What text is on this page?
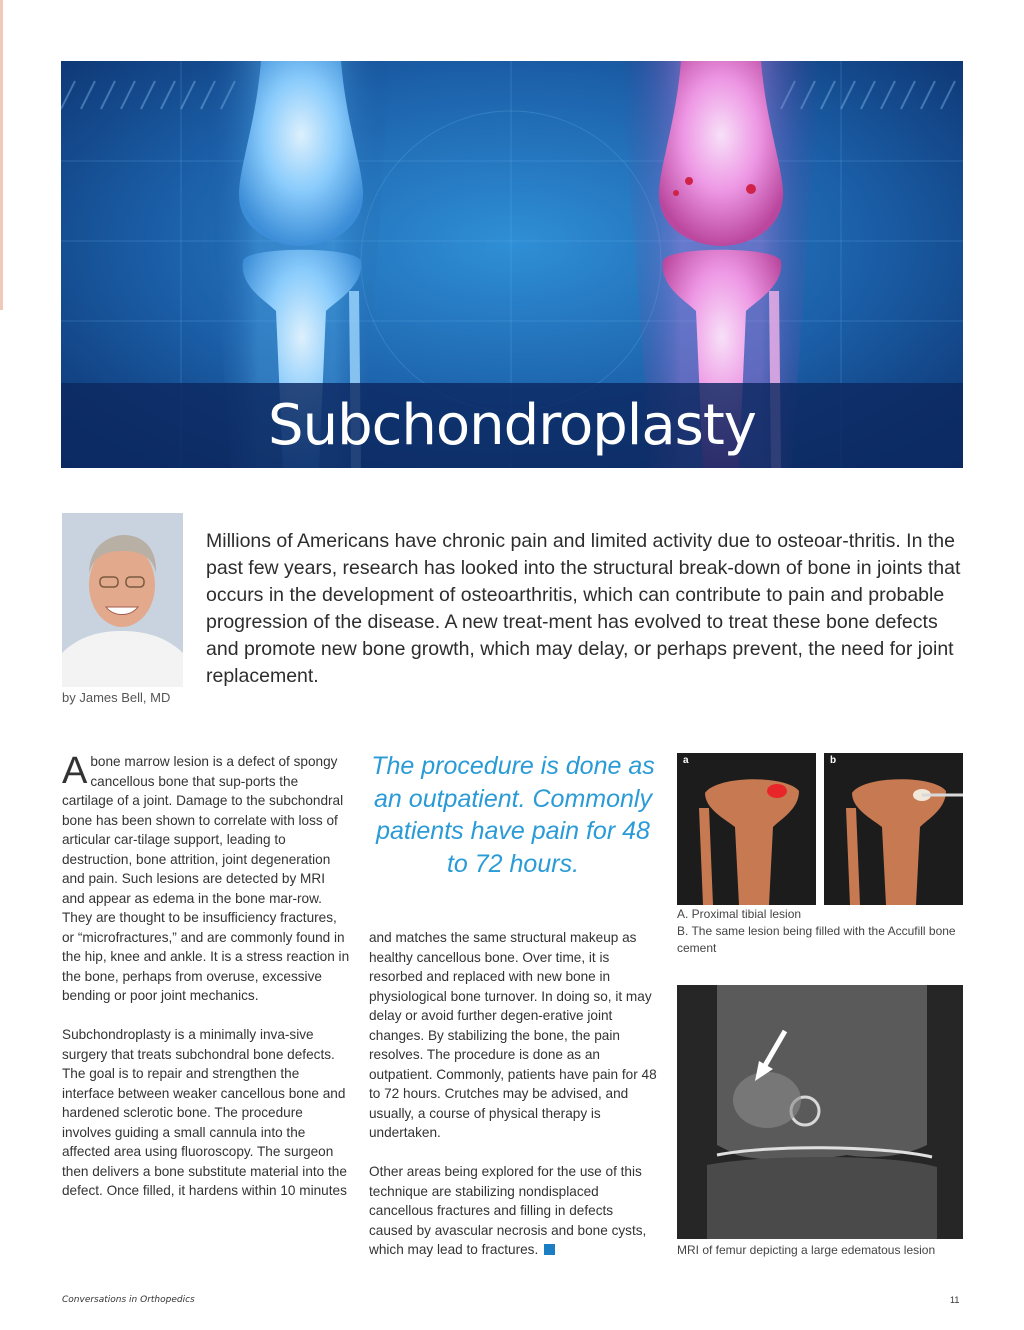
Subchondroplasty
by James Bell, MD

Millions of Americans have chronic pain and limited activity due to osteoar-thritis. In the past few years, research has looked into the structural break-down of bone in joints that occurs in the development of osteoarthritis, which can contribute to pain and probable progression of the disease. A new treat-ment has evolved to treat these bone defects and promote new bone growth, which may delay, or perhaps prevent, the need for joint replacement.

Abone marrow lesion is a defect of spongy cancellous bone that sup-ports the cartilage of a joint. Damage to the subchondral bone has been shown to correlate with loss of articular car-tilage support, leading to destruction, bone attrition, joint degeneration and pain. Such lesions are detected by MRI and appear as edema in the bone mar-row. They are thought to be insufficiency fractures, or “microfractures,” and are commonly found in the hip, knee and ankle. It is a stress reaction in the bone, perhaps from overuse, excessive bending or poor joint mechanics.

Subchondroplasty is a minimally inva-sive surgery that treats subchondral bone defects. The goal is to repair and strengthen the interface between weaker cancellous bone and hardened sclerotic bone. The procedure involves guiding a small cannula into the affected area using fluoroscopy. The surgeon then delivers a bone substitute material into the defect. Once filled, it hardens within 10 minutes

The procedure is done as an outpatient. Commonly patients have pain for 48 to 72 hours.

and matches the same structural makeup as healthy cancellous bone. Over time, it is resorbed and replaced with new bone in physiological bone turnover. In doing so, it may delay or avoid further degen-erative joint changes. By stabilizing the bone, the pain resolves. The procedure is done as an outpatient. Commonly, patients have pain for 48 to 72 hours. Crutches may be advised, and usually, a course of physical therapy is undertaken.

Other areas being explored for the use of this technique are stabilizing nondisplaced cancellous fractures and filling in defects caused by avascular necrosis and bone cysts, which may lead to fractures.

a	b
A. Proximal tibial lesion
B. The same lesion being filled with the Accufill bone cement
MRI of femur depicting a large edematous lesion
Conversations in Orthopedics	11
